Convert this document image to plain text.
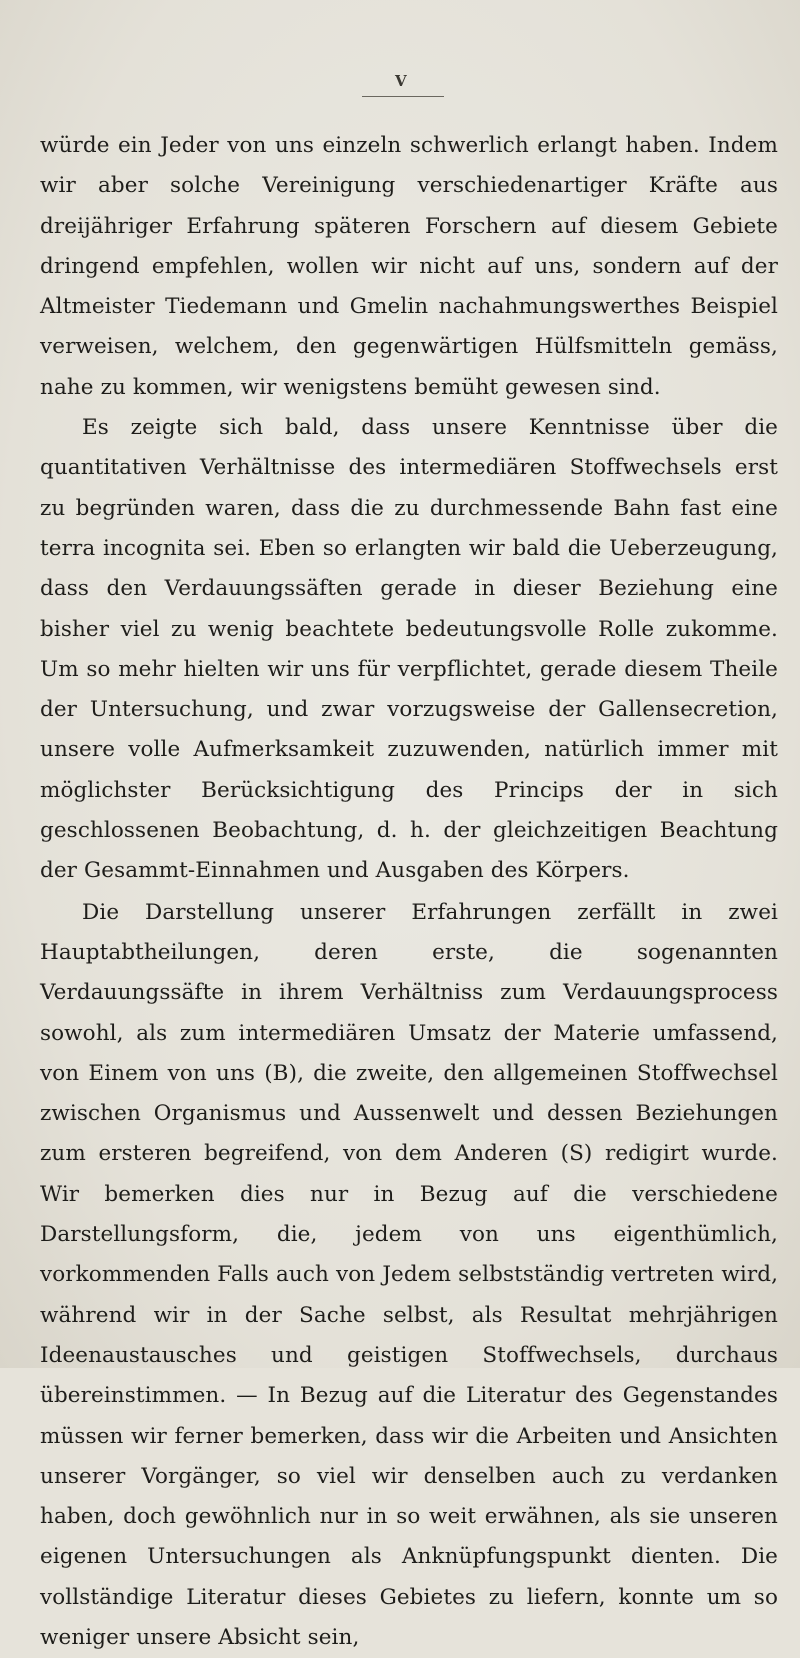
V

würde ein Jeder von uns einzeln schwerlich erlangt haben. Indem wir aber solche Vereinigung verschiedenartiger Kräfte aus dreijähriger Erfahrung späteren Forschern auf diesem Gebiete dringend empfehlen, wollen wir nicht auf uns, sondern auf der Altmeister Tiedemann und Gmelin nachahmungswerthes Beispiel verweisen, welchem, den gegenwärtigen Hülfsmitteln gemäss, nahe zu kommen, wir wenigstens bemüht gewesen sind.

Es zeigte sich bald, dass unsere Kenntnisse über die quantitativen Verhältnisse des intermediären Stoffwechsels erst zu begründen waren, dass die zu durchmessende Bahn fast eine terra incognita sei. Eben so erlangten wir bald die Ueberzeugung, dass den Verdauungssäften gerade in dieser Beziehung eine bisher viel zu wenig beachtete bedeutungsvolle Rolle zukomme. Um so mehr hielten wir uns für verpflichtet, gerade diesem Theile der Untersuchung, und zwar vorzugsweise der Gallensecretion, unsere volle Aufmerksamkeit zuzuwenden, natürlich immer mit möglichster Berücksichtigung des Princips der in sich geschlossenen Beobachtung, d. h. der gleichzeitigen Beachtung der Gesammt-Einnahmen und Ausgaben des Körpers.

Die Darstellung unserer Erfahrungen zerfällt in zwei Hauptabtheilungen, deren erste, die sogenannten Verdauungssäfte in ihrem Verhältniss zum Verdauungsprocess sowohl, als zum intermediären Umsatz der Materie umfassend, von Einem von uns (B), die zweite, den allgemeinen Stoffwechsel zwischen Organismus und Aussenwelt und dessen Beziehungen zum ersteren begreifend, von dem Anderen (S) redigirt wurde. Wir bemerken dies nur in Bezug auf die verschiedene Darstellungsform, die, jedem von uns eigenthümlich, vorkommenden Falls auch von Jedem selbstständig vertreten wird, während wir in der Sache selbst, als Resultat mehrjährigen Ideenaustausches und geistigen Stoffwechsels, durchaus übereinstimmen. — In Bezug auf die Literatur des Gegenstandes müssen wir ferner bemerken, dass wir die Arbeiten und Ansichten unserer Vorgänger, so viel wir denselben auch zu verdanken haben, doch gewöhnlich nur in so weit erwähnen, als sie unseren eigenen Untersuchungen als Anknüpfungspunkt dienten. Die vollständige Literatur dieses Gebietes zu liefern, konnte um so weniger unsere Absicht sein,
